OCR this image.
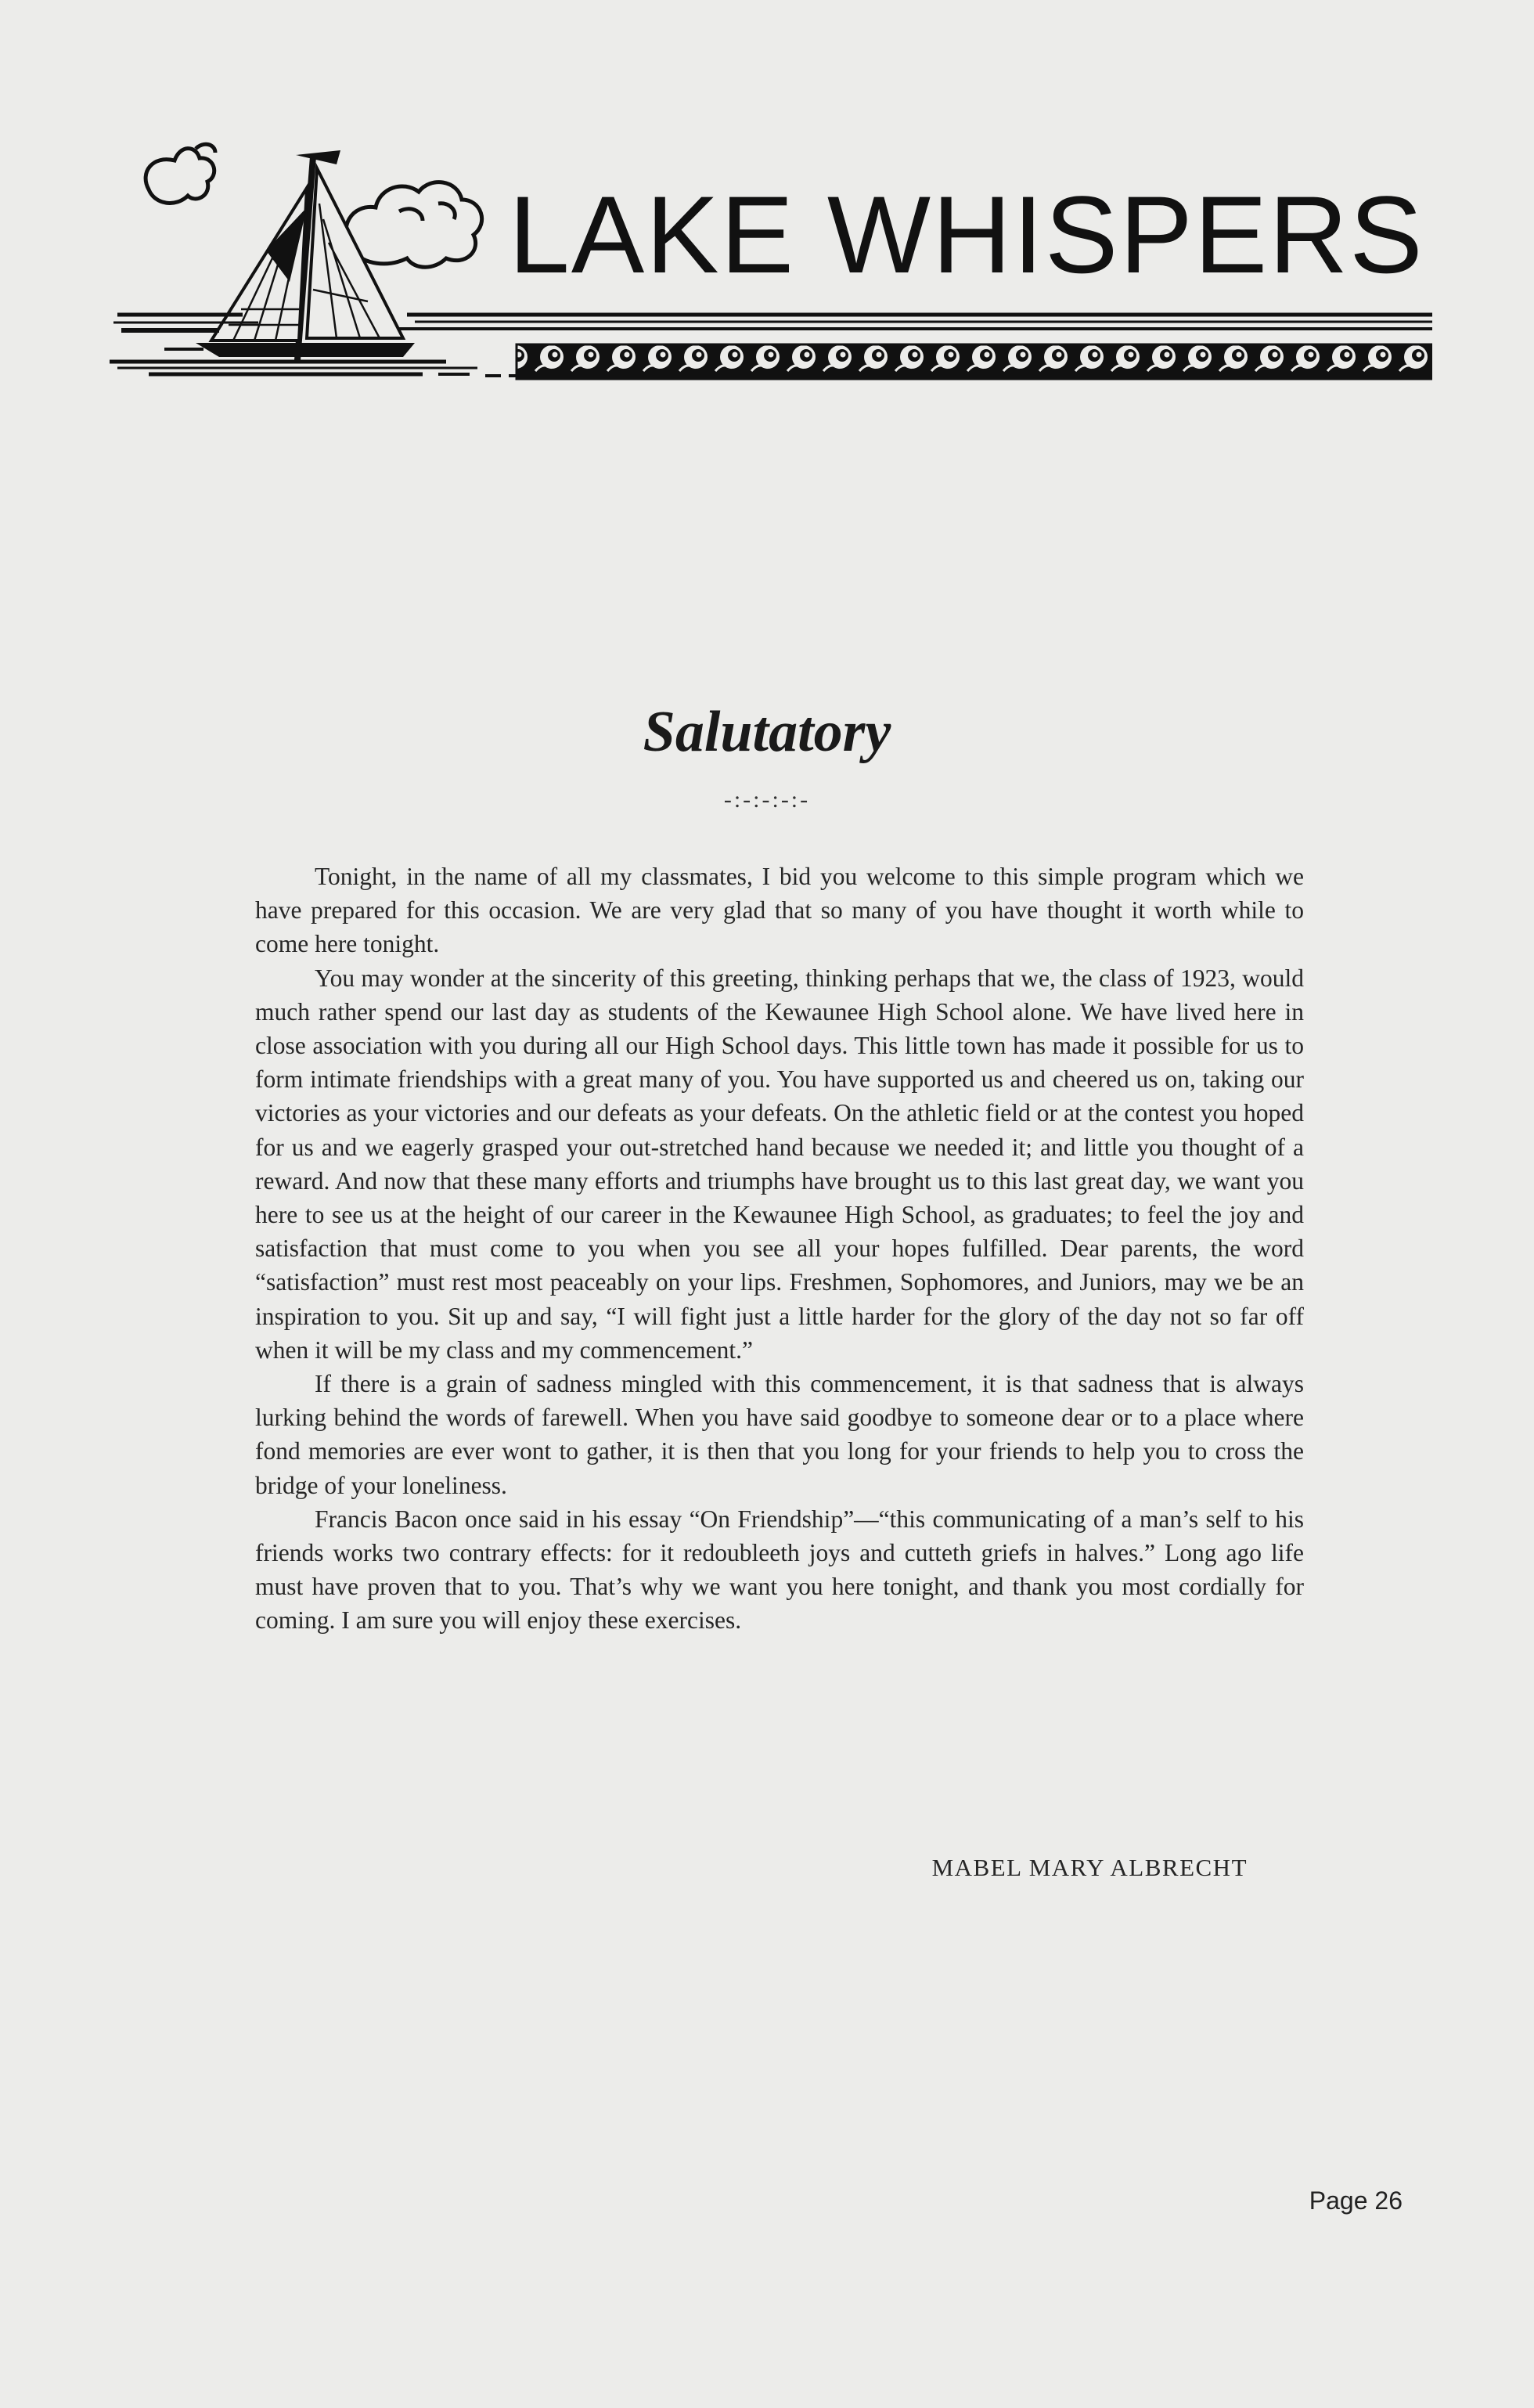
LAKE WHISPERS
Salutatory
-:-:-:-:-

Tonight, in the name of all my classmates, I bid you welcome to this simple program which we have prepared for this occasion. We are very glad that so many of you have thought it worth while to come here tonight.

You may wonder at the sincerity of this greeting, thinking perhaps that we, the class of 1923, would much rather spend our last day as students of the Kewaunee High School alone. We have lived here in close association with you during all our High School days. This little town has made it possible for us to form intimate friendships with a great many of you. You have supported us and cheered us on, taking our victories as your victories and our defeats as your defeats. On the athletic field or at the contest you hoped for us and we eagerly grasped your out-stretched hand because we needed it; and little you thought of a reward. And now that these many efforts and triumphs have brought us to this last great day, we want you here to see us at the height of our career in the Kewaunee High School, as graduates; to feel the joy and satisfaction that must come to you when you see all your hopes fulfilled. Dear parents, the word “satisfaction” must rest most peaceably on your lips. Freshmen, Sophomores, and Juniors, may we be an inspiration to you. Sit up and say, “I will fight just a little harder for the glory of the day not so far off when it will be my class and my commencement.”

If there is a grain of sadness mingled with this commencement, it is that sadness that is always lurking behind the words of farewell. When you have said goodbye to someone dear or to a place where fond memories are ever wont to gather, it is then that you long for your friends to help you to cross the bridge of your loneliness.

Francis Bacon once said in his essay “On Friendship”—“this communicating of a man’s self to his friends works two contrary effects: for it redoubleeth joys and cutteth griefs in halves.” Long ago life must have proven that to you. That’s why we want you here tonight, and thank you most cordially for coming. I am sure you will enjoy these exercises.

MABEL MARY ALBRECHT
Page 26
